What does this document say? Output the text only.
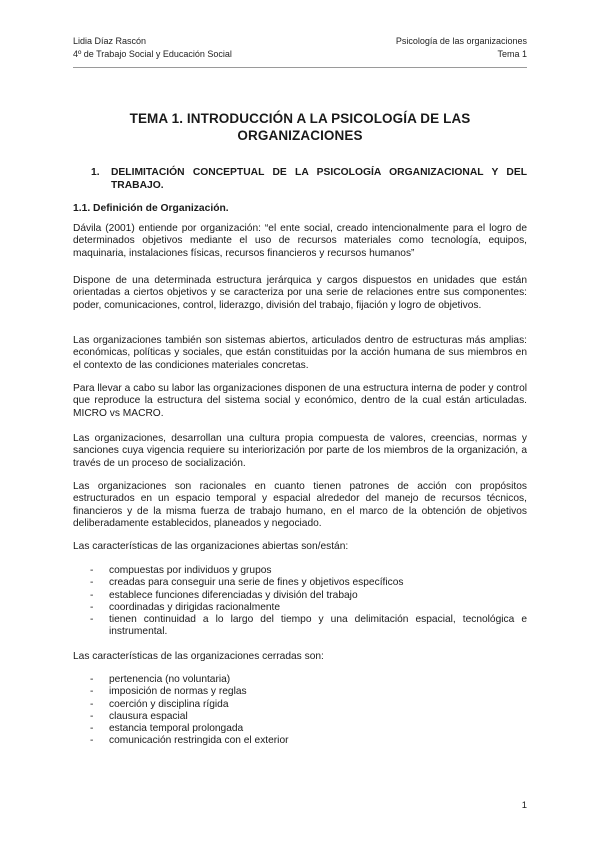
Lidia Díaz Rascón
4º de Trabajo Social y Educación Social
Psicología de las organizaciones
Tema 1
TEMA 1. INTRODUCCIÓN A LA PSICOLOGÍA DE LAS
ORGANIZACIONES
1. DELIMITACIÓN CONCEPTUAL DE LA PSICOLOGÍA ORGANIZACIONAL Y DEL TRABAJO.
1.1. Definición de Organización.

Dávila (2001) entiende por organización: “el ente social, creado intencionalmente para el logro de determinados objetivos mediante el uso de recursos materiales como tecnología, equipos, maquinaria, instalaciones físicas, recursos financieros y recursos humanos”

Dispone de una determinada estructura jerárquica y cargos dispuestos en unidades que están orientadas a ciertos objetivos y se caracteriza por una serie de relaciones entre sus componentes: poder, comunicaciones, control, liderazgo, división del trabajo, fijación y logro de objetivos.

Las organizaciones también son sistemas abiertos, articulados dentro de estructuras más amplias: económicas, políticas y sociales, que están constituidas por la acción humana de sus miembros en el contexto de las condiciones materiales concretas.

Para llevar a cabo su labor las organizaciones disponen de una estructura interna de poder y control que reproduce la estructura del sistema social y económico, dentro de la cual están articuladas. MICRO vs MACRO.

Las organizaciones, desarrollan una cultura propia compuesta de valores, creencias, normas y sanciones cuya vigencia requiere su interiorización por parte de los miembros de la organización, a través de un proceso de socialización.

Las organizaciones son racionales en cuanto tienen patrones de acción con propósitos estructurados en un espacio temporal y espacial alrededor del manejo de recursos técnicos, financieros y de la misma fuerza de trabajo humano, en el marco de la obtención de objetivos deliberadamente establecidos, planeados y negociado.

Las características de las organizaciones abiertas son/están:

- compuestas por individuos y grupos
- creadas para conseguir una serie de fines y objetivos específicos
- establece funciones diferenciadas y división del trabajo
- coordinadas y dirigidas racionalmente
- tienen continuidad a lo largo del tiempo y una delimitación espacial, tecnológica e instrumental.

Las características de las organizaciones cerradas son:

- pertenencia (no voluntaria)
- imposición de normas y reglas
- coerción y disciplina rígida
- clausura espacial
- estancia temporal prolongada
- comunicación restringida con el exterior
1
